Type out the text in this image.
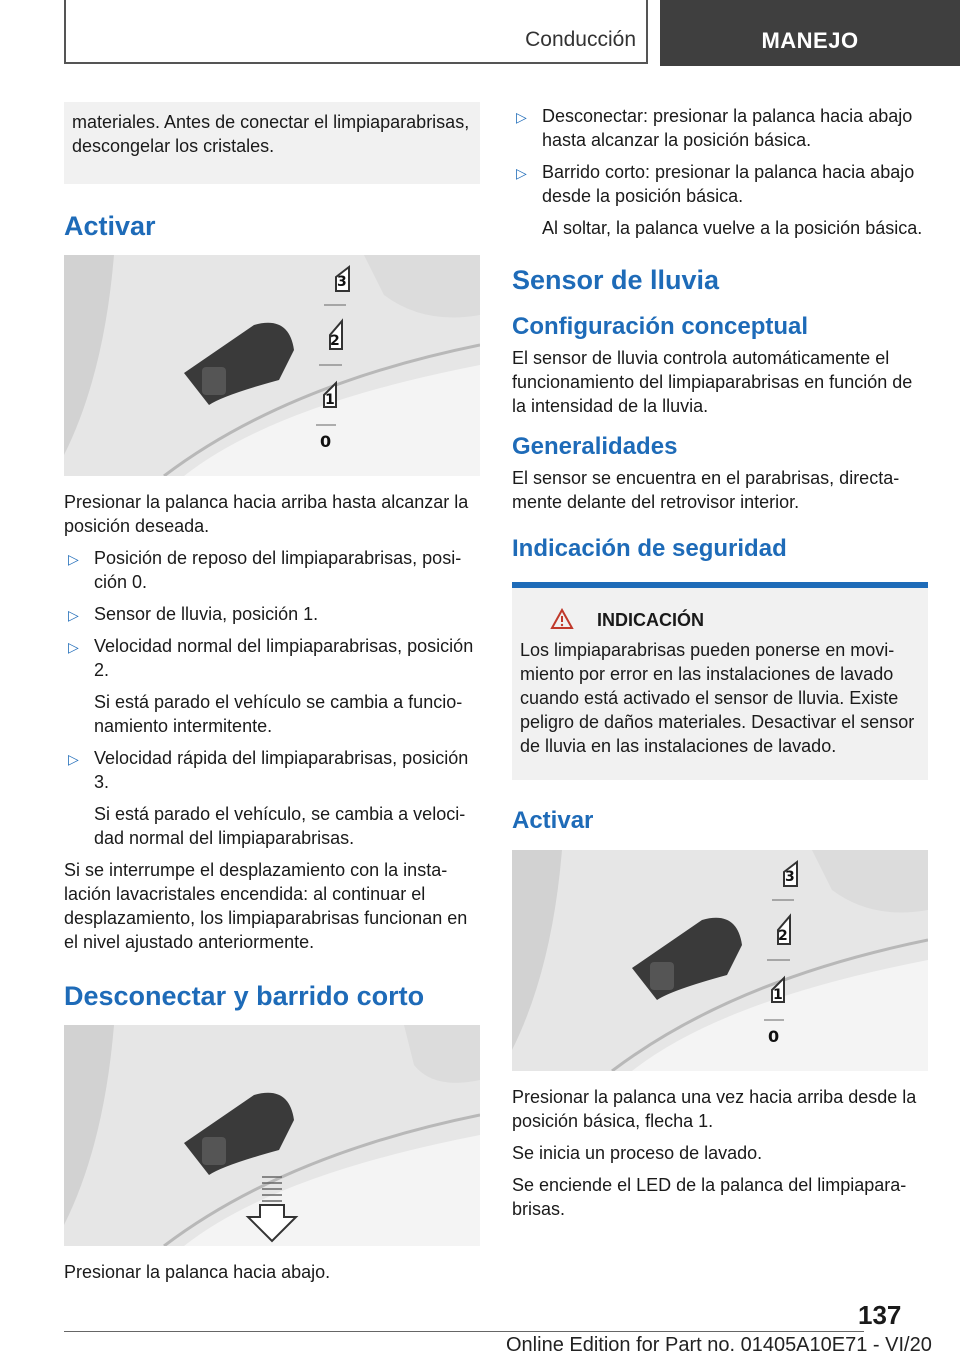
Conducción	MANEJO

materiales. Antes de conectar el limpiaparabrisas, descongelar los cristales.

Activar
3
2
1
0

Presionar la palanca hacia arriba hasta alcanzar la posición deseada.

▷ Posición de reposo del limpiaparabrisas, posición 0.
▷ Sensor de lluvia, posición 1.
▷ Velocidad normal del limpiaparabrisas, posición 2.

Si está parado el vehículo se cambia a funcionamiento intermitente.

▷ Velocidad rápida del limpiaparabrisas, posición 3.

Si está parado el vehículo, se cambia a velocidad normal del limpiaparabrisas.

Si se interrumpe el desplazamiento con la instalación lavacristales encendida: al continuar el desplazamiento, los limpiaparabrisas funcionan en el nivel ajustado anteriormente.

Desconectar y barrido corto

Presionar la palanca hacia abajo.

▷ Desconectar: presionar la palanca hacia abajo hasta alcanzar la posición básica.
▷ Barrido corto: presionar la palanca hacia abajo desde la posición básica.

Al soltar, la palanca vuelve a la posición básica.

Sensor de lluvia
Configuración conceptual

El sensor de lluvia controla automáticamente el funcionamiento del limpiaparabrisas en función de la intensidad de la lluvia.

Generalidades

El sensor se encuentra en el parabrisas, directamente delante del retrovisor interior.

Indicación de seguridad
INDICACIÓN

Los limpiaparabrisas pueden ponerse en movimiento por error en las instalaciones de lavado cuando está activado el sensor de lluvia. Existe peligro de daños materiales. Desactivar el sensor de lluvia en las instalaciones de lavado.

Activar
3
2
1
0

Presionar la palanca una vez hacia arriba desde la posición básica, flecha 1.

Se inicia un proceso de lavado.

Se enciende el LED de la palanca del limpiaparabrisas.

137
Online Edition for Part no. 01405A10E71 - VI/20
